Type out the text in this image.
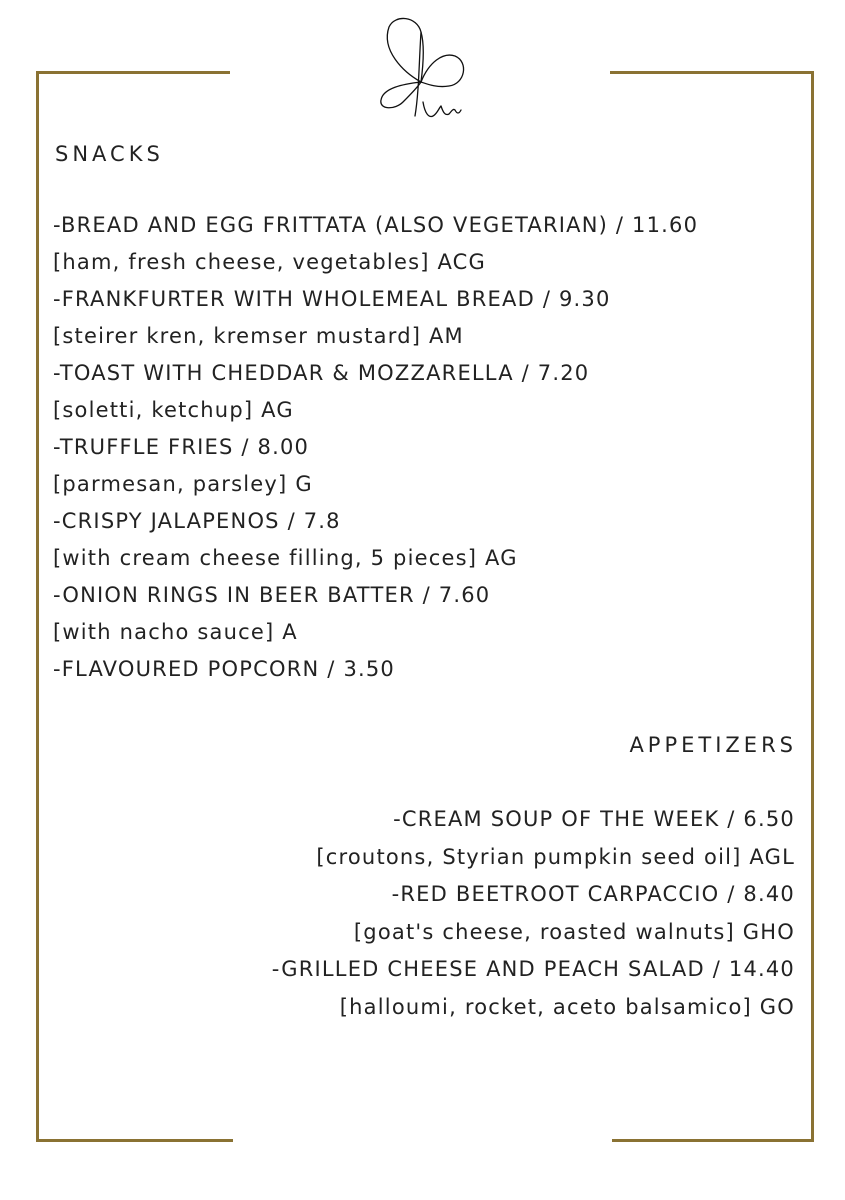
SNACKS
-BREAD AND EGG FRITTATA (ALSO VEGETARIAN) / 11.60
[ham, fresh cheese, vegetables] ACG
-FRANKFURTER WITH WHOLEMEAL BREAD / 9.30
[steirer kren, kremser mustard] AM
-TOAST WITH CHEDDAR & MOZZARELLA / 7.20
[soletti, ketchup] AG
-TRUFFLE FRIES / 8.00
[parmesan, parsley] G
-CRISPY JALAPENOS / 7.8
[with cream cheese filling, 5 pieces] AG
-ONION RINGS IN BEER BATTER / 7.60
[with nacho sauce] A
-FLAVOURED POPCORN / 3.50
APPETIZERS
-CREAM SOUP OF THE WEEK / 6.50
[croutons, Styrian pumpkin seed oil] AGL
-RED BEETROOT CARPACCIO / 8.40
[goat's cheese, roasted walnuts] GHO
-GRILLED CHEESE AND PEACH SALAD / 14.40
[halloumi, rocket, aceto balsamico] GO
